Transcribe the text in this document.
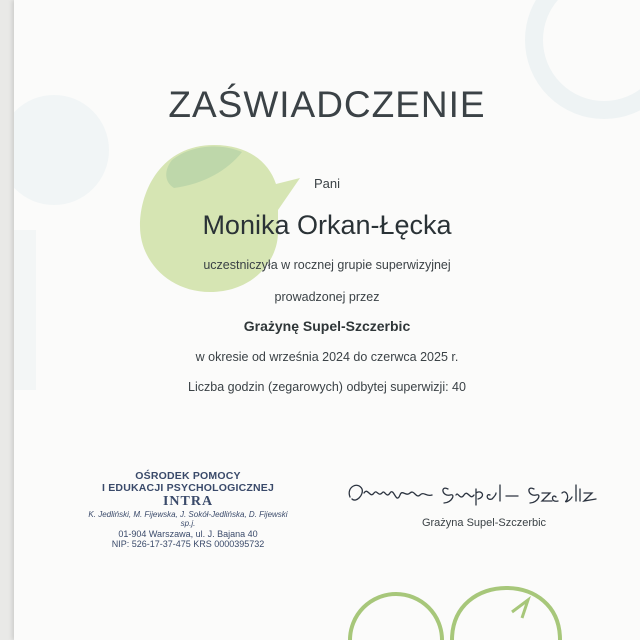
ZAŚWIADCZENIE
Pani
Monika Orkan-Łęcka
uczestniczyła w rocznej grupie superwizyjnej
prowadzonej przez
Grażynę Supel-Szczerbic
w okresie od września 2024 do czerwca 2025 r.
Liczba godzin (zegarowych) odbytej superwizji: 40
OŚRODEK POMOCY
I EDUKACJI PSYCHOLOGICZNEJ
INTRA
K. Jedliński, M. Fijewska, J. Sokół-Jedlińska, D. Fijewski sp.j.
01-904 Warszawa, ul. J. Bajana 40
NIP: 526-17-37-475 KRS 0000395732
Grażyna Supel-Szczerbic
